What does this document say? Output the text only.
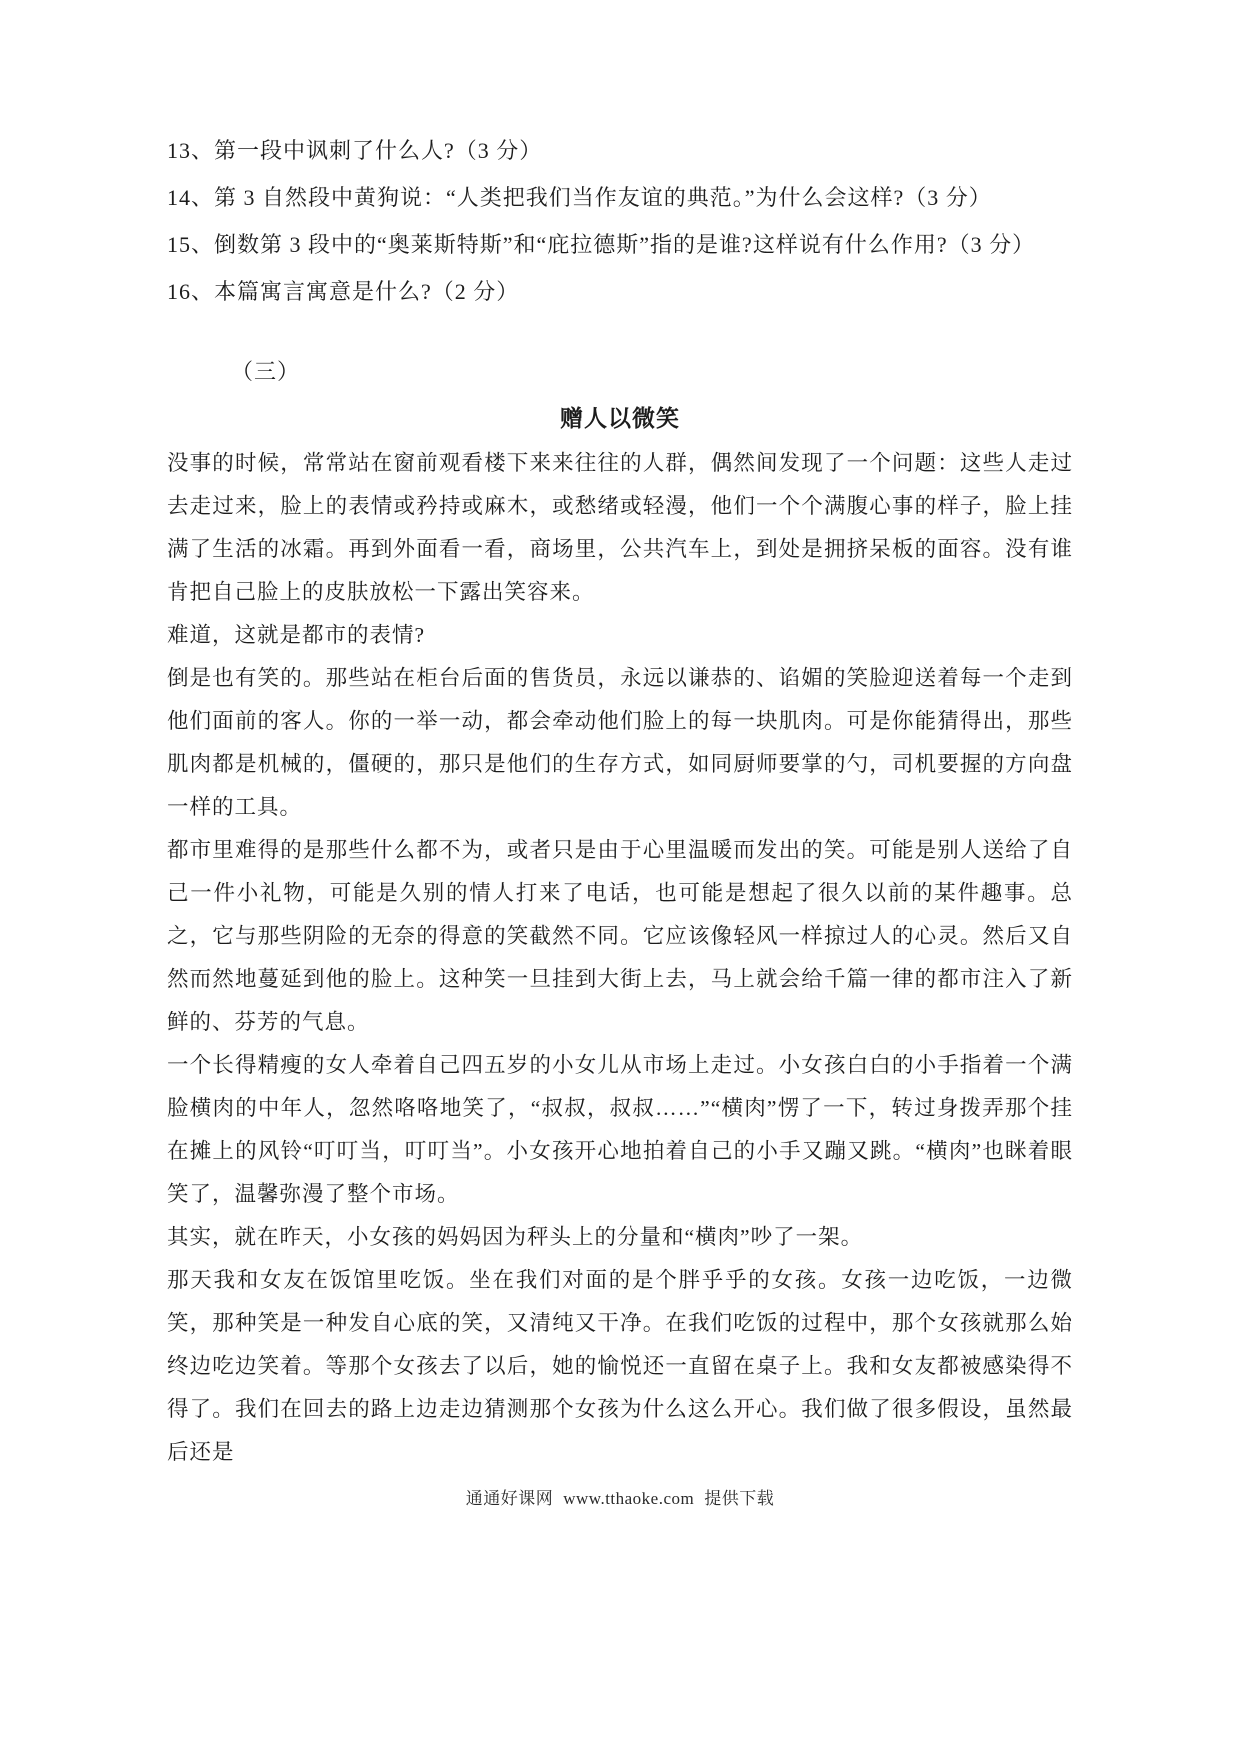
13、第一段中讽刺了什么人?（3 分）

14、第 3 自然段中黄狗说：“人类把我们当作友谊的典范。”为什么会这样?（3 分）

15、倒数第 3 段中的“奥莱斯特斯”和“庇拉德斯”指的是谁?这样说有什么作用?（3 分）

16、本篇寓言寓意是什么?（2 分）

（三）

赠人以微笑

没事的时候，常常站在窗前观看楼下来来往往的人群，偶然间发现了一个问题：这些人走过去走过来，脸上的表情或矜持或麻木，或愁绪或轻漫，他们一个个满腹心事的样子，脸上挂满了生活的冰霜。再到外面看一看，商场里，公共汽车上，到处是拥挤呆板的面容。没有谁肯把自己脸上的皮肤放松一下露出笑容来。

难道，这就是都市的表情?

倒是也有笑的。那些站在柜台后面的售货员，永远以谦恭的、谄媚的笑脸迎送着每一个走到他们面前的客人。你的一举一动，都会牵动他们脸上的每一块肌肉。可是你能猜得出，那些肌肉都是机械的，僵硬的，那只是他们的生存方式，如同厨师要掌的勺，司机要握的方向盘一样的工具。

都市里难得的是那些什么都不为，或者只是由于心里温暖而发出的笑。可能是别人送给了自己一件小礼物，可能是久别的情人打来了电话，也可能是想起了很久以前的某件趣事。总之，它与那些阴险的无奈的得意的笑截然不同。它应该像轻风一样掠过人的心灵。然后又自然而然地蔓延到他的脸上。这种笑一旦挂到大街上去，马上就会给千篇一律的都市注入了新鲜的、芬芳的气息。

一个长得精瘦的女人牵着自己四五岁的小女儿从市场上走过。小女孩白白的小手指着一个满脸横肉的中年人，忽然咯咯地笑了，“叔叔，叔叔……”“横肉”愣了一下，转过身拨弄那个挂在摊上的风铃“叮叮当，叮叮当”。小女孩开心地拍着自己的小手又蹦又跳。“横肉”也眯着眼笑了，温馨弥漫了整个市场。

其实，就在昨天，小女孩的妈妈因为秤头上的分量和“横肉”吵了一架。

那天我和女友在饭馆里吃饭。坐在我们对面的是个胖乎乎的女孩。女孩一边吃饭，一边微笑，那种笑是一种发自心底的笑，又清纯又干净。在我们吃饭的过程中，那个女孩就那么始终边吃边笑着。等那个女孩去了以后，她的愉悦还一直留在桌子上。我和女友都被感染得不得了。我们在回去的路上边走边猜测那个女孩为什么这么开心。我们做了很多假设，虽然最后还是

通通好课网 www.tthaoke.com 提供下载
